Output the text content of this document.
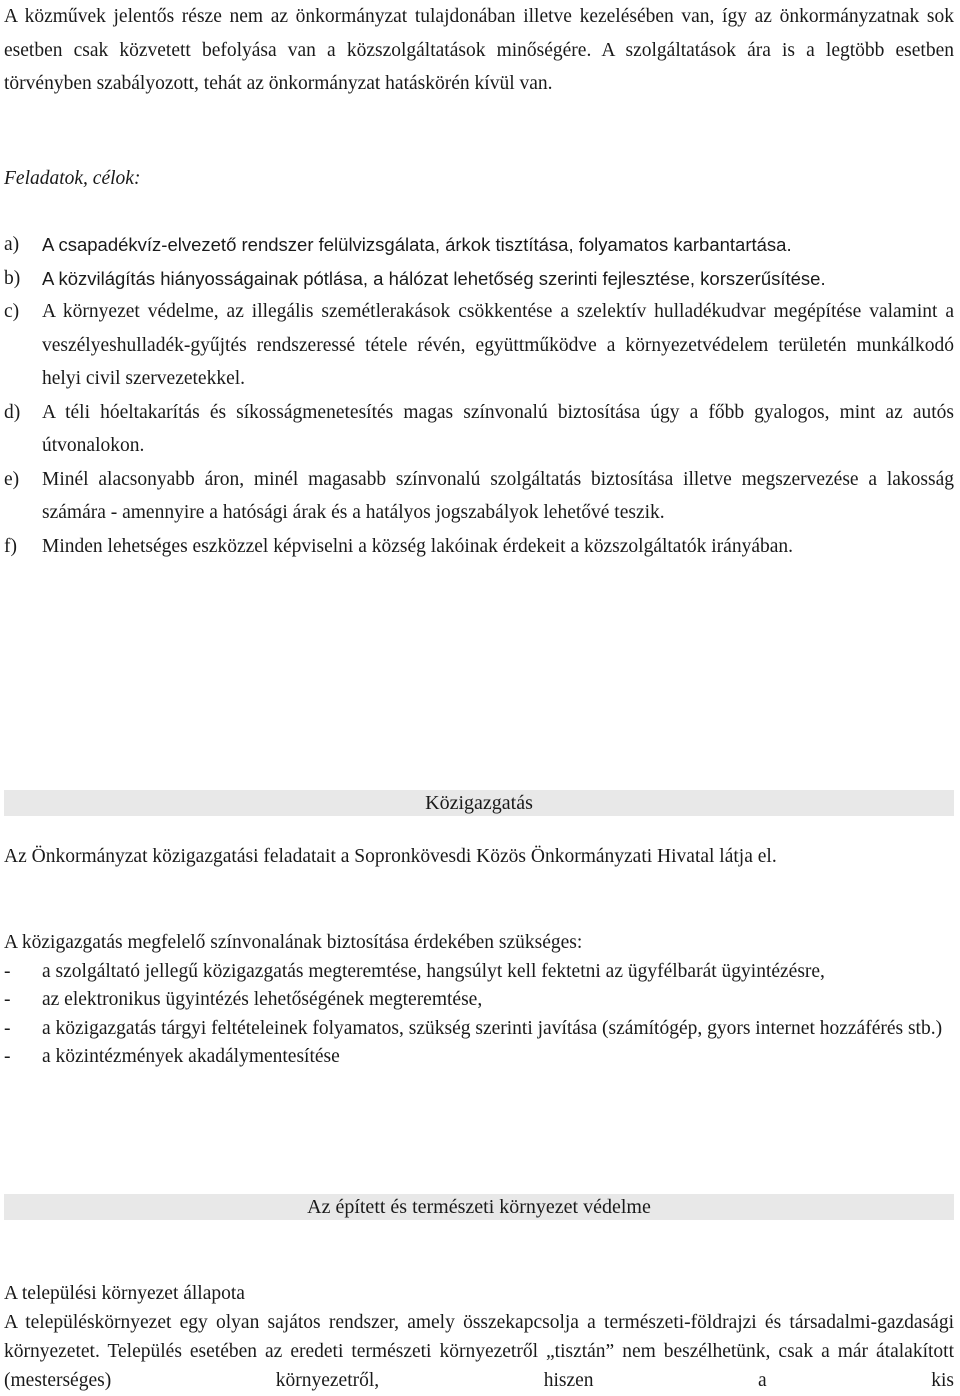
A közművek jelentős része nem az önkormányzat tulajdonában illetve kezelésében van, így az önkormányzatnak sok esetben csak közvetett befolyása van a közszolgáltatások minőségére. A szolgáltatások ára is a legtöbb esetben törvényben szabályozott, tehát az önkormányzat hatáskörén kívül van.

Feladatok, célok:
a)	A csapadékvíz-elvezető rendszer felülvizsgálata, árkok tisztítása, folyamatos karbantartása.

b)	A közvilágítás hiányosságainak pótlása, a hálózat lehetőség szerinti fejlesztése, korszerűsítése.

c)	A környezet védelme, az illegális szemétlerakások csökkentése a szelektív hulladékudvar megépítése valamint a veszélyeshulladék-gyűjtés rendszeressé tétele révén, együttműködve a környezetvédelem területén munkálkodó helyi civil szervezetekkel.

d)	A téli hóeltakarítás és síkosságmenetesítés magas színvonalú biztosítása úgy a főbb gyalogos, mint az autós útvonalokon.

e)	Minél alacsonyabb áron, minél magasabb színvonalú szolgáltatás biztosítása illetve megszervezése a lakosság számára - amennyire a hatósági árak és a hatályos jogszabályok lehetővé teszik.

f)	Minden lehetséges eszközzel képviselni a község lakóinak érdekeit a közszolgáltatók irányában.

Közigazgatás

Az Önkormányzat közigazgatási feladatait a Sopronkövesdi Közös Önkormányzati Hivatal látja el.

A közigazgatás megfelelő színvonalának biztosítása érdekében szükséges:
-	a szolgáltató jellegű közigazgatás megteremtése, hangsúlyt kell fektetni az ügyfélbarát ügyintézésre,
-	az elektronikus ügyintézés lehetőségének megteremtése,
-	a közigazgatás tárgyi feltételeinek folyamatos, szükség szerinti javítása (számítógép, gyors internet hozzáférés stb.)
-	a közintézmények akadálymentesítése
Az épített és természeti környezet védelme

A települési környezet állapota

A településkörnyezet egy olyan sajátos rendszer, amely összekapcsolja a természeti-földrajzi és társadalmi-gazdasági környezetet. Település esetében az eredeti természeti környezetről „tisztán” nem beszélhetünk, csak a már átalakított (mesterséges) környezetről, hiszen a kis
